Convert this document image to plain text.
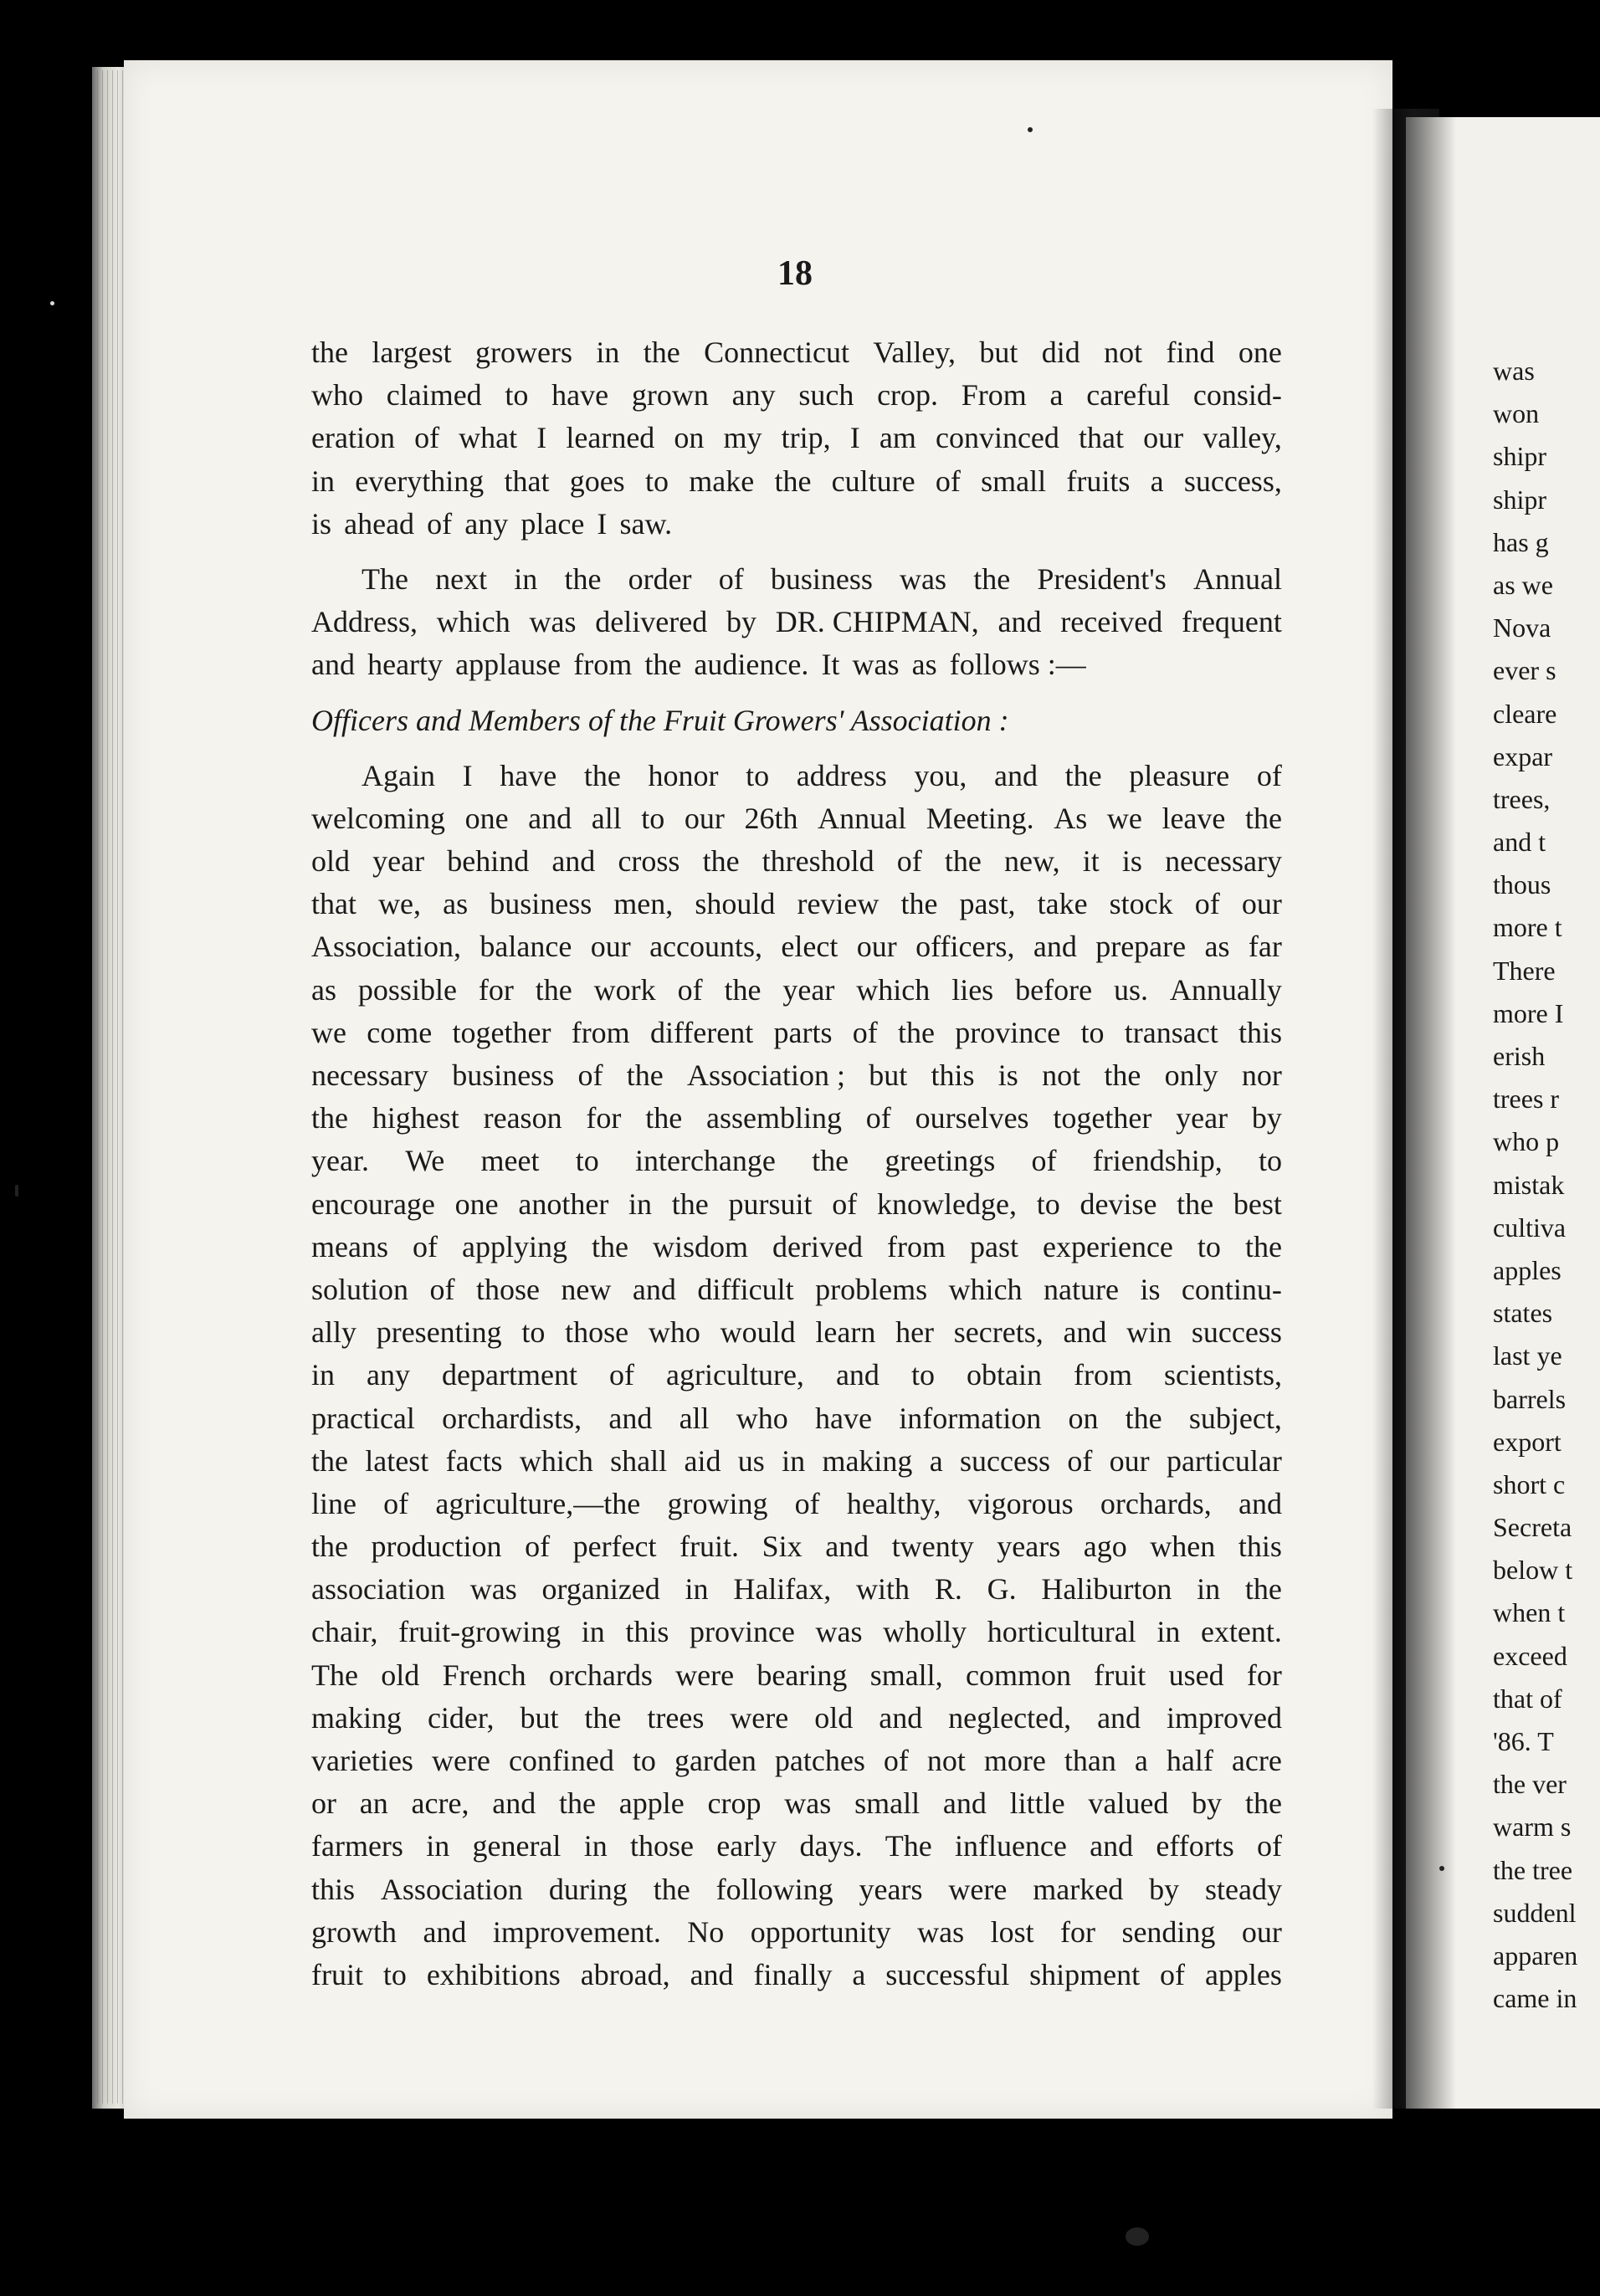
18
the largest growers in the Connecticut Valley, but did not find one
who claimed to have grown any such crop. From a careful consid-
eration of what I learned on my trip, I am convinced that our valley,
in everything that goes to make the culture of small fruits a success,
is ahead of any place I saw.
The next in the order of business was the President's Annual
Address, which was delivered by DR. CHIPMAN, and received frequent
and hearty applause from the audience. It was as follows :—
Officers and Members of the Fruit Growers' Association :
Again I have the honor to address you, and the pleasure of
welcoming one and all to our 26th Annual Meeting. As we leave the
old year behind and cross the threshold of the new, it is necessary
that we, as business men, should review the past, take stock of our
Association, balance our accounts, elect our officers, and prepare as far
as possible for the work of the year which lies before us. Annually
we come together from different parts of the province to transact this
necessary business of the Association ; but this is not the only nor
the highest reason for the assembling of ourselves together year by
year. We meet to interchange the greetings of friendship, to
encourage one another in the pursuit of knowledge, to devise the best
means of applying the wisdom derived from past experience to the
solution of those new and difficult problems which nature is continu-
ally presenting to those who would learn her secrets, and win success
in any department of agriculture, and to obtain from scientists,
practical orchardists, and all who have information on the subject,
the latest facts which shall aid us in making a success of our particular
line of agriculture,—the growing of healthy, vigorous orchards, and
the production of perfect fruit. Six and twenty years ago when this
association was organized in Halifax, with R. G. Haliburton in the
chair, fruit-growing in this province was wholly horticultural in extent.
The old French orchards were bearing small, common fruit used for
making cider, but the trees were old and neglected, and improved
varieties were confined to garden patches of not more than a half acre
or an acre, and the apple crop was small and little valued by the
farmers in general in those early days. The influence and efforts of
this Association during the following years were marked by steady
growth and improvement. No opportunity was lost for sending our
fruit to exhibitions abroad, and finally a successful shipment of apples
was
won
shipr
shipr
has g
as we
Nova
ever s
cleare
expar
trees,
and t
thous
more t
There
more I
erish
trees r
who p
mistak
cultiva
apples
states
last ye
barrels
export
short c
Secreta
below t
when t
exceed
that of
'86. T
the ver
warm s
the tree
suddenl
apparen
came in
